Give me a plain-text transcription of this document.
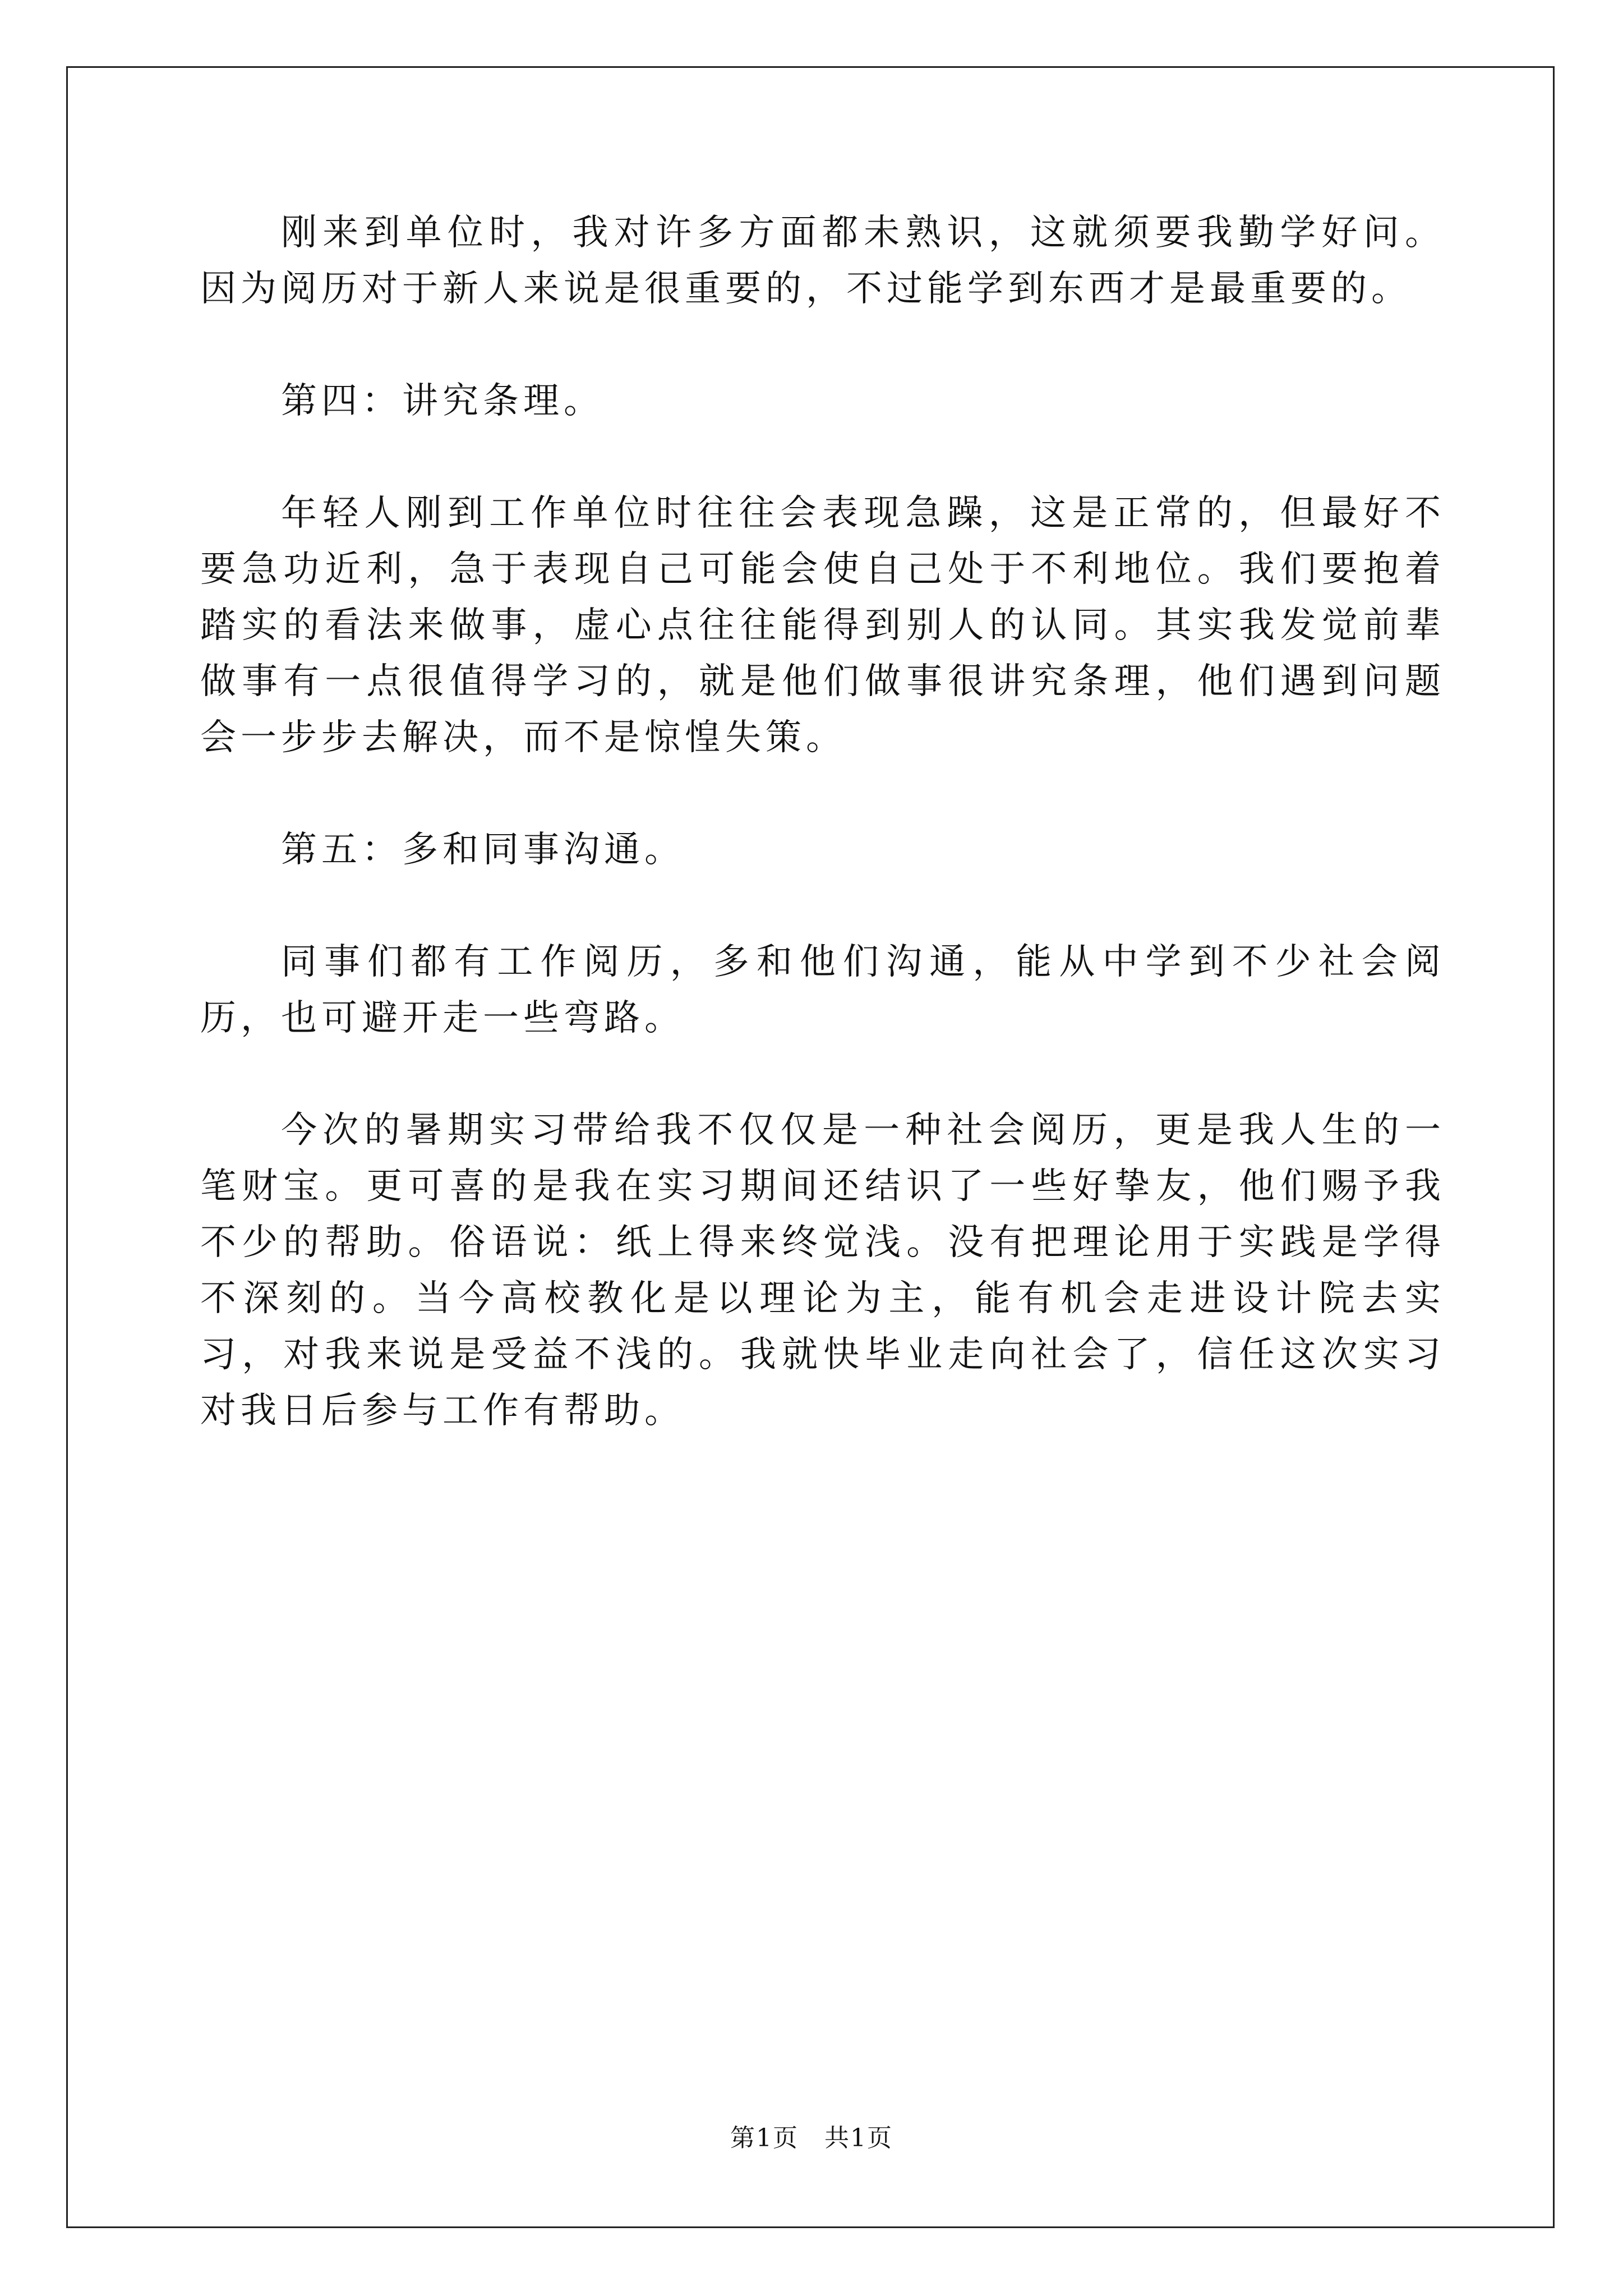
刚来到单位时，我对许多方面都未熟识，这就须要我勤学好问。因为阅历对于新人来说是很重要的，不过能学到东西才是最重要的。

第四：讲究条理。

年轻人刚到工作单位时往往会表现急躁，这是正常的，但最好不要急功近利，急于表现自己可能会使自己处于不利地位。我们要抱着踏实的看法来做事，虚心点往往能得到别人的认同。其实我发觉前辈做事有一点很值得学习的，就是他们做事很讲究条理，他们遇到问题会一步步去解决，而不是惊惶失策。

第五：多和同事沟通。

同事们都有工作阅历，多和他们沟通，能从中学到不少社会阅历，也可避开走一些弯路。

今次的暑期实习带给我不仅仅是一种社会阅历，更是我人生的一笔财宝。更可喜的是我在实习期间还结识了一些好挚友，他们赐予我不少的帮助。俗语说：纸上得来终觉浅。没有把理论用于实践是学得不深刻的。当今高校教化是以理论为主，能有机会走进设计院去实习，对我来说是受益不浅的。我就快毕业走向社会了，信任这次实习对我日后参与工作有帮助。

第1页　共1页
